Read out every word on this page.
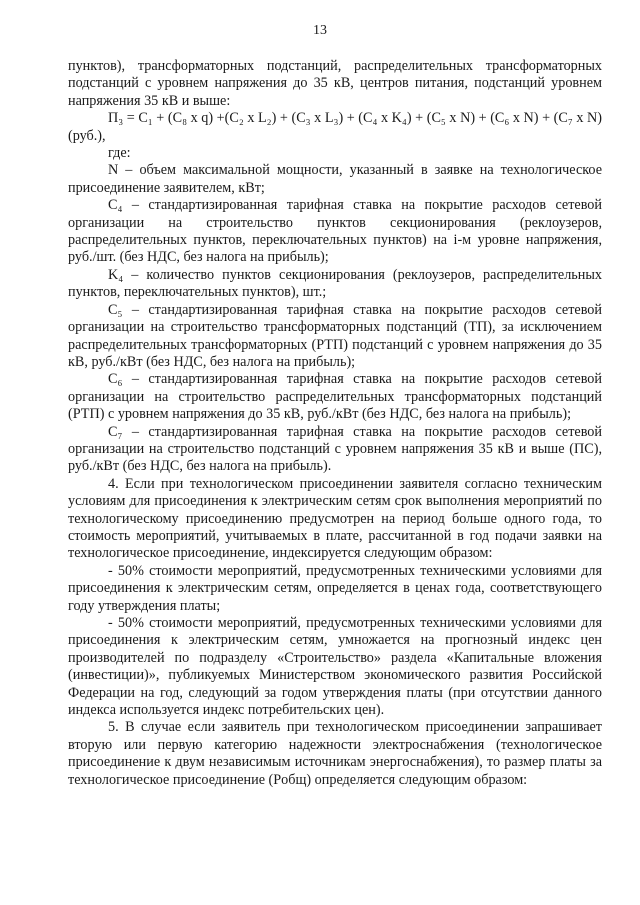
13

пунктов), трансформаторных подстанций, распределительных трансформаторных подстанций с уровнем напряжения до 35 кВ, центров питания, подстанций уровнем напряжения 35 кВ и выше:

П₃ = C₁ + (C₈ x q) +(C₂ x L₂) + (C₃ x L₃) + (C₄ x K₄) + (C₅ x N) + (C₆ x N) + (C₇ x N) (руб.),

где:

N – объем максимальной мощности, указанный в заявке на технологическое присоединение заявителем, кВт;

C₄ – стандартизированная тарифная ставка на покрытие расходов сетевой организации на строительство пунктов секционирования (реклоузеров, распределительных пунктов, переключательных пунктов) на i-м уровне напряжения, руб./шт. (без НДС, без налога на прибыль);

K₄ – количество пунктов секционирования (реклоузеров, распределительных пунктов, переключательных пунктов), шт.;

C₅ – стандартизированная тарифная ставка на покрытие расходов сетевой организации на строительство трансформаторных подстанций (ТП), за исключением распределительных трансформаторных (РТП) подстанций с уровнем напряжения до 35 кВ, руб./кВт (без НДС, без налога на прибыль);

C₆ – стандартизированная тарифная ставка на покрытие расходов сетевой организации на строительство распределительных трансформаторных подстанций (РТП) с уровнем напряжения до 35 кВ, руб./кВт (без НДС, без налога на прибыль);

C₇ – стандартизированная тарифная ставка на покрытие расходов сетевой организации на строительство подстанций с уровнем напряжения 35 кВ и выше (ПС), руб./кВт (без НДС, без налога на прибыль).

4. Если при технологическом присоединении заявителя согласно техническим условиям для присоединения к электрическим сетям срок выполнения мероприятий по технологическому присоединению предусмотрен на период больше одного года, то стоимость мероприятий, учитываемых в плате, рассчитанной в год подачи заявки на технологическое присоединение, индексируется следующим образом:

- 50% стоимости мероприятий, предусмотренных техническими условиями для присоединения к электрическим сетям, определяется в ценах года, соответствующего году утверждения платы;

- 50% стоимости мероприятий, предусмотренных техническими условиями для присоединения к электрическим сетям, умножается на прогнозный индекс цен производителей по подразделу «Строительство» раздела «Капитальные вложения (инвестиции)», публикуемых Министерством экономического развития Российской Федерации на год, следующий за годом утверждения платы (при отсутствии данного индекса используется индекс потребительских цен).

5. В случае если заявитель при технологическом присоединении запрашивает вторую или первую категорию надежности электроснабжения (технологическое присоединение к двум независимым источникам энергоснабжения), то размер платы за технологическое присоединение (Pобщ) определяется следующим образом:
